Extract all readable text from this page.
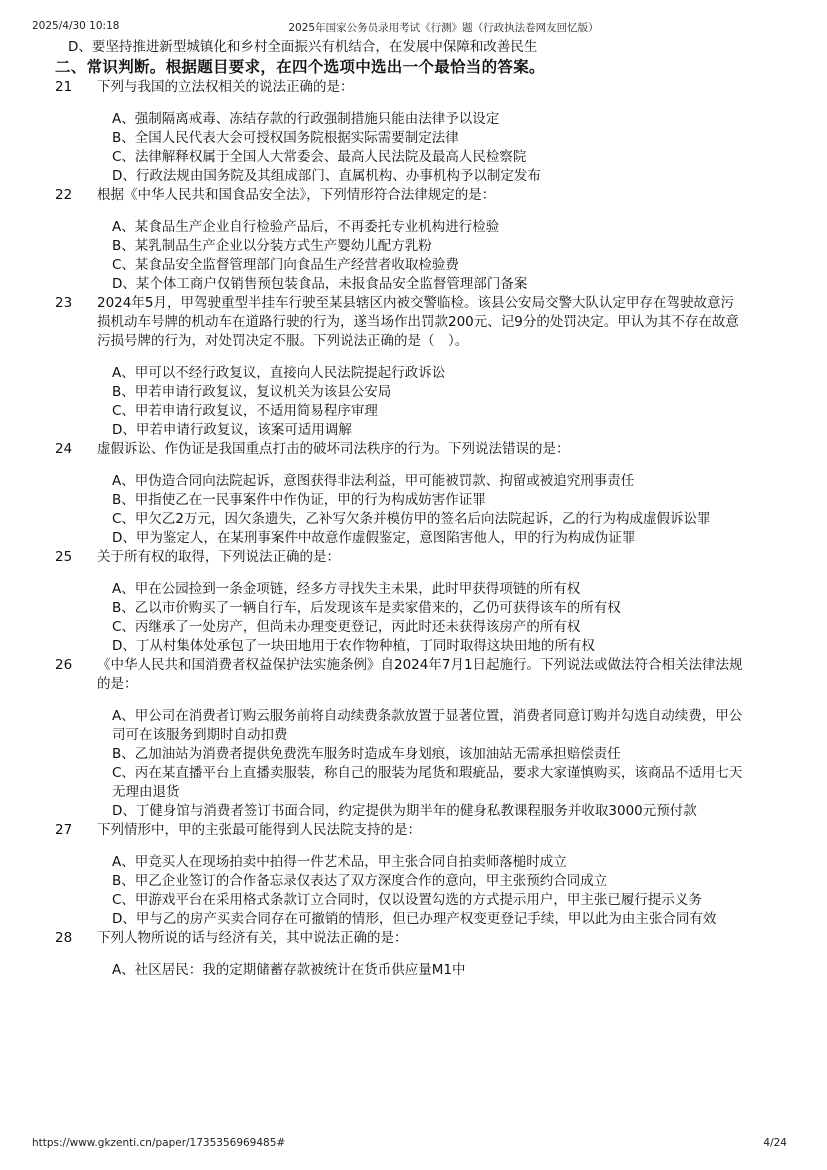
2025/4/30 10:18	2025年国家公务员录用考试《行测》题（行政执法卷网友回忆版）
D、要坚持推进新型城镇化和乡村全面振兴有机结合，在发展中保障和改善民生
二、常识判断。根据题目要求，在四个选项中选出一个最恰当的答案。
21 下列与我国的立法权相关的说法正确的是：
A、强制隔离戒毒、冻结存款的行政强制措施只能由法律予以设定
B、全国人民代表大会可授权国务院根据实际需要制定法律
C、法律解释权属于全国人大常委会、最高人民法院及最高人民检察院
D、行政法规由国务院及其组成部门、直属机构、办事机构予以制定发布
22 根据《中华人民共和国食品安全法》，下列情形符合法律规定的是：
A、某食品生产企业自行检验产品后，不再委托专业机构进行检验
B、某乳制品生产企业以分装方式生产婴幼儿配方乳粉
C、某食品安全监督管理部门向食品生产经营者收取检验费
D、某个体工商户仅销售预包装食品，未报食品安全监督管理部门备案
23 2024年5月，甲驾驶重型半挂车行驶至某县辖区内被交警临检。该县公安局交警大队认定甲存在驾驶故意污损机动车号牌的机动车在道路行驶的行为，遂当场作出罚款200元、记9分的处罚决定。甲认为其不存在故意污损号牌的行为，对处罚决定不服。下列说法正确的是（　）。
A、甲可以不经行政复议，直接向人民法院提起行政诉讼
B、甲若申请行政复议，复议机关为该县公安局
C、甲若申请行政复议，不适用简易程序审理
D、甲若申请行政复议，该案可适用调解
24 虚假诉讼、作伪证是我国重点打击的破坏司法秩序的行为。下列说法错误的是：
A、甲伪造合同向法院起诉，意图获得非法利益，甲可能被罚款、拘留或被追究刑事责任
B、甲指使乙在一民事案件中作伪证，甲的行为构成妨害作证罪
C、甲欠乙2万元，因欠条遗失，乙补写欠条并模仿甲的签名后向法院起诉，乙的行为构成虚假诉讼罪
D、甲为鉴定人，在某刑事案件中故意作虚假鉴定，意图陷害他人，甲的行为构成伪证罪
25 关于所有权的取得，下列说法正确的是：
A、甲在公园捡到一条金项链，经多方寻找失主未果，此时甲获得项链的所有权
B、乙以市价购买了一辆自行车，后发现该车是卖家借来的，乙仍可获得该车的所有权
C、丙继承了一处房产，但尚未办理变更登记，丙此时还未获得该房产的所有权
D、丁从村集体处承包了一块田地用于农作物种植，丁同时取得这块田地的所有权
26 《中华人民共和国消费者权益保护法实施条例》自2024年7月1日起施行。下列说法或做法符合相关法律法规的是：
A、甲公司在消费者订购云服务前将自动续费条款放置于显著位置，消费者同意订购并勾选自动续费，甲公司可在该服务到期时自动扣费
B、乙加油站为消费者提供免费洗车服务时造成车身划痕，该加油站无需承担赔偿责任
C、丙在某直播平台上直播卖服装，称自己的服装为尾货和瑕疵品，要求大家谨慎购买，该商品不适用七天无理由退货
D、丁健身馆与消费者签订书面合同，约定提供为期半年的健身私教课程服务并收取3000元预付款
27 下列情形中，甲的主张最可能得到人民法院支持的是：
A、甲竞买人在现场拍卖中拍得一件艺术品，甲主张合同自拍卖师落槌时成立
B、甲乙企业签订的合作备忘录仅表达了双方深度合作的意向，甲主张预约合同成立
C、甲游戏平台在采用格式条款订立合同时，仅以设置勾选的方式提示用户，甲主张已履行提示义务
D、甲与乙的房产买卖合同存在可撤销的情形，但已办理产权变更登记手续，甲以此为由主张合同有效
28 下列人物所说的话与经济有关，其中说法正确的是：
A、社区居民：我的定期储蓄存款被统计在货币供应量M1中
https://www.gkzenti.cn/paper/1735356969485#	4/24
